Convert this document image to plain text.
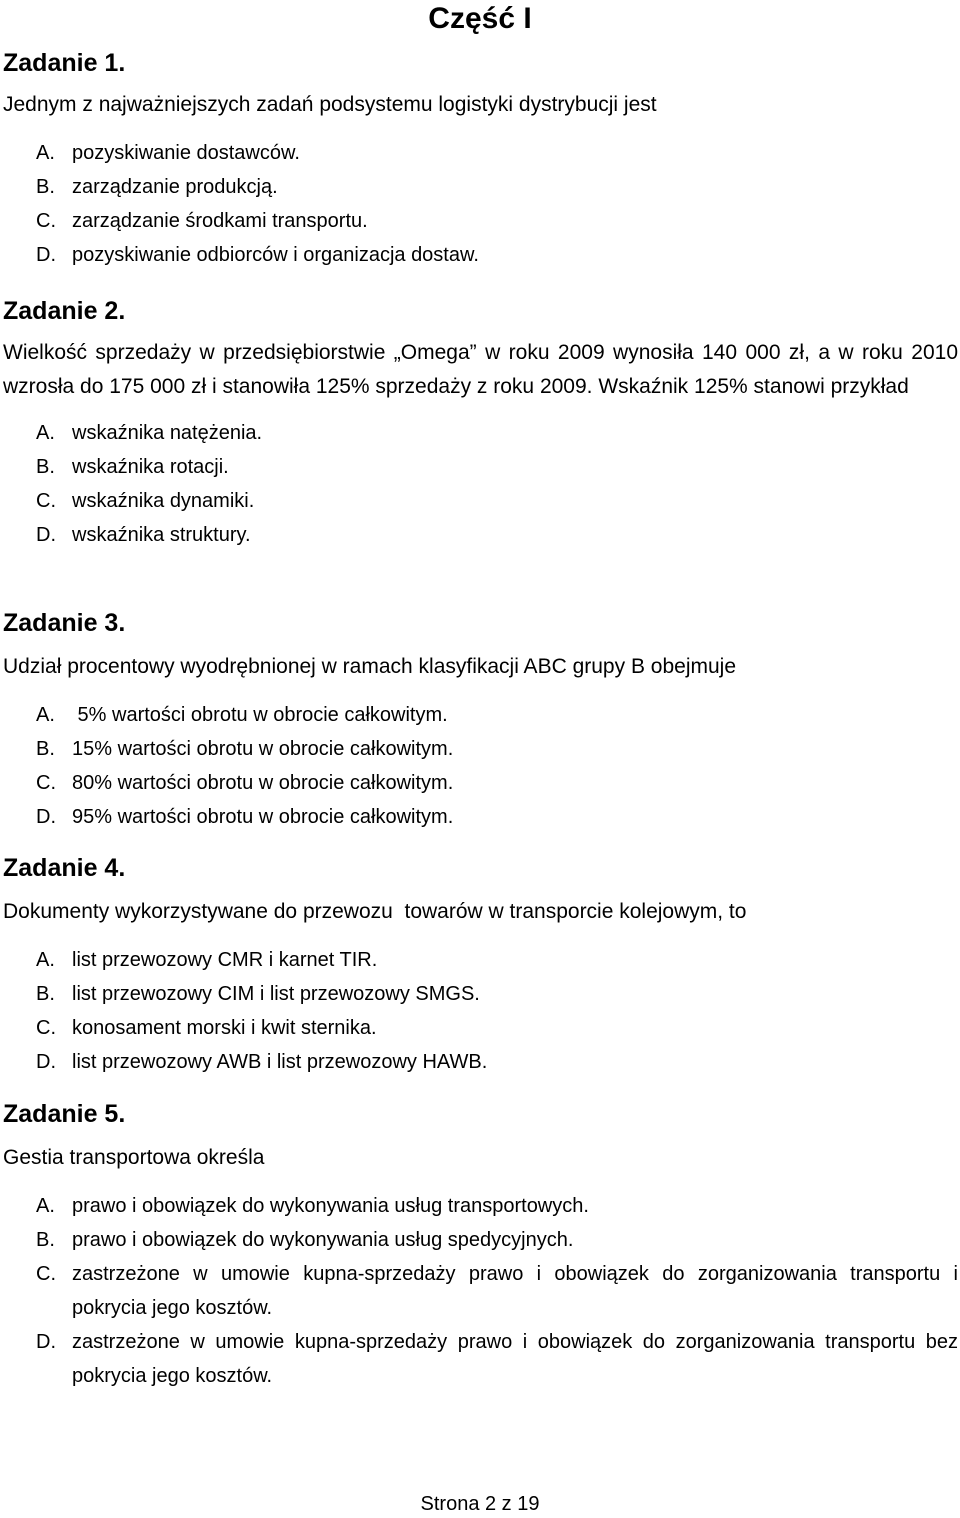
Część I
Zadanie 1.

Jednym z najważniejszych zadań podsystemu logistyki dystrybucji jest

A. pozyskiwanie dostawców.
B. zarządzanie produkcją.
C. zarządzanie środkami transportu.
D. pozyskiwanie odbiorców i organizacja dostaw.
Zadanie 2.

Wielkość sprzedaży w przedsiębiorstwie „Omega” w roku 2009 wynosiła 140 000 zł, a w roku 2010 wzrosła do 175 000 zł i stanowiła 125% sprzedaży z roku 2009. Wskaźnik 125% stanowi przykład

A. wskaźnika natężenia.
B. wskaźnika rotacji.
C. wskaźnika dynamiki.
D. wskaźnika struktury.
Zadanie 3.

Udział procentowy wyodrębnionej w ramach klasyfikacji ABC grupy B obejmuje

A. 5% wartości obrotu w obrocie całkowitym.
B. 15% wartości obrotu w obrocie całkowitym.
C. 80% wartości obrotu w obrocie całkowitym.
D. 95% wartości obrotu w obrocie całkowitym.
Zadanie 4.

Dokumenty wykorzystywane do przewozu  towarów w transporcie kolejowym, to

A. list przewozowy CMR i karnet TIR.
B. list przewozowy CIM i list przewozowy SMGS.
C. konosament morski i kwit sternika.
D. list przewozowy AWB i list przewozowy HAWB.
Zadanie 5.

Gestia transportowa określa

A. prawo i obowiązek do wykonywania usług transportowych.
B. prawo i obowiązek do wykonywania usług spedycyjnych.
C. zastrzeżone w umowie kupna-sprzedaży prawo i obowiązek do zorganizowania transportu i pokrycia jego kosztów.
D. zastrzeżone w umowie kupna-sprzedaży prawo i obowiązek do zorganizowania transportu bez pokrycia jego kosztów.
Strona 2 z 19
